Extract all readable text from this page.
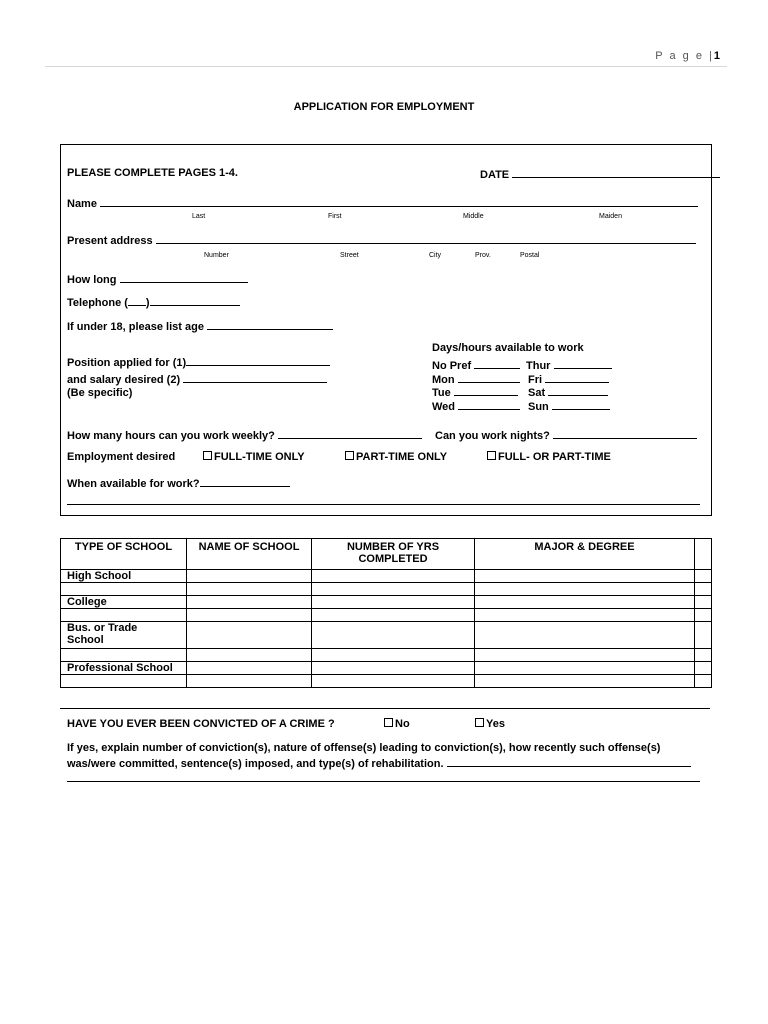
P a g e |1
APPLICATION FOR EMPLOYMENT
PLEASE COMPLETE PAGES 1-4.	DATE
Name
Last	First	Middle	Maiden
Present address
Number	Street	City	Prov.	Postal
How long
Telephone ( )
If under 18, please list age
Days/hours available to work
Position applied for (1)
and salary desired (2)
(Be specific)
No Pref	Thur
Mon	Fri
Tue	Sat
Wed	Sun
How many hours can you work weekly?	Can you work nights?
Employment desired	FULL-TIME ONLY	PART-TIME ONLY	FULL- OR PART-TIME
When available for work?
TYPE OF SCHOOL	NAME OF SCHOOL	NUMBER OF YRS COMPLETED	MAJOR & DEGREE	
High School				

College				

Bus. or Trade School				

Professional School				

HAVE YOU EVER BEEN CONVICTED OF A CRIME ?	No	Yes
If yes, explain number of conviction(s), nature of offense(s) leading to conviction(s), how recently such offense(s)
was/were committed, sentence(s) imposed, and type(s) of rehabilitation.
